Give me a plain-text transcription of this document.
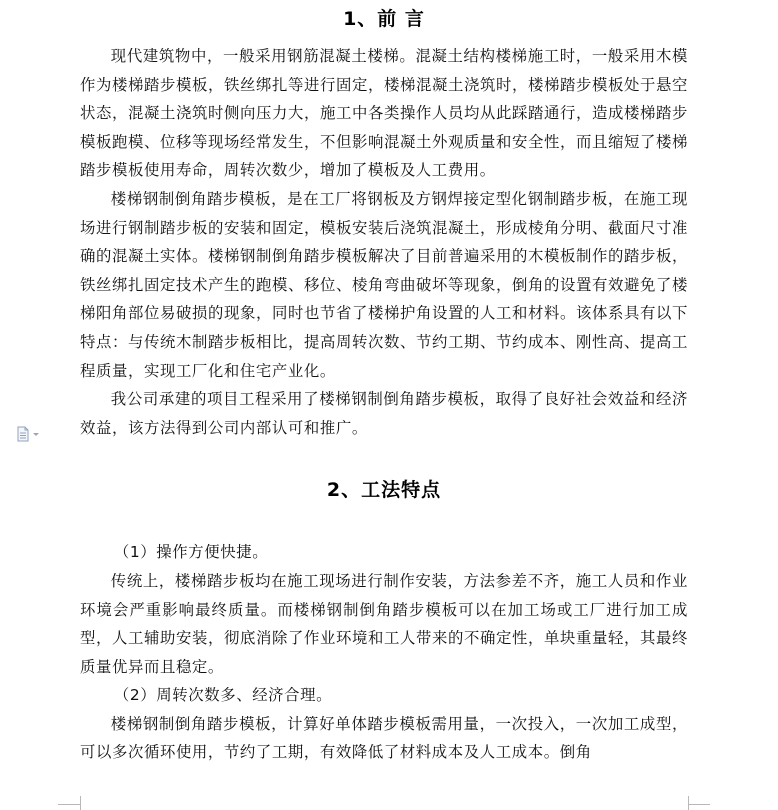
1、前 言

现代建筑物中，一般采用钢筋混凝土楼梯。混凝土结构楼梯施工时，一般采用木模作为楼梯踏步模板，铁丝绑扎等进行固定，楼梯混凝土浇筑时，楼梯踏步模板处于悬空状态，混凝土浇筑时侧向压力大，施工中各类操作人员均从此踩踏通行，造成楼梯踏步模板跑模、位移等现场经常发生，不但影响混凝土外观质量和安全性，而且缩短了楼梯踏步模板使用寿命，周转次数少，增加了模板及人工费用。

楼梯钢制倒角踏步模板，是在工厂将钢板及方钢焊接定型化钢制踏步板，在施工现场进行钢制踏步板的安装和固定，模板安装后浇筑混凝土，形成棱角分明、截面尺寸准确的混凝土实体。楼梯钢制倒角踏步模板解决了目前普遍采用的木模板制作的踏步板，铁丝绑扎固定技术产生的跑模、移位、棱角弯曲破坏等现象，倒角的设置有效避免了楼梯阳角部位易破损的现象，同时也节省了楼梯护角设置的人工和材料。该体系具有以下特点：与传统木制踏步板相比，提高周转次数、节约工期、节约成本、刚性高、提高工程质量，实现工厂化和住宅产业化。

我公司承建的项目工程采用了楼梯钢制倒角踏步模板，取得了良好社会效益和经济效益，该方法得到公司内部认可和推广。

2、工法特点

（1）操作方便快捷。

传统上，楼梯踏步板均在施工现场进行制作安装，方法参差不齐，施工人员和作业环境会严重影响最终质量。而楼梯钢制倒角踏步模板可以在加工场或工厂进行加工成型，人工辅助安装，彻底消除了作业环境和工人带来的不确定性，单块重量轻，其最终质量优异而且稳定。

（2）周转次数多、经济合理。

楼梯钢制倒角踏步模板，计算好单体踏步模板需用量，一次投入，一次加工成型，可以多次循环使用，节约了工期，有效降低了材料成本及人工成本。倒角
